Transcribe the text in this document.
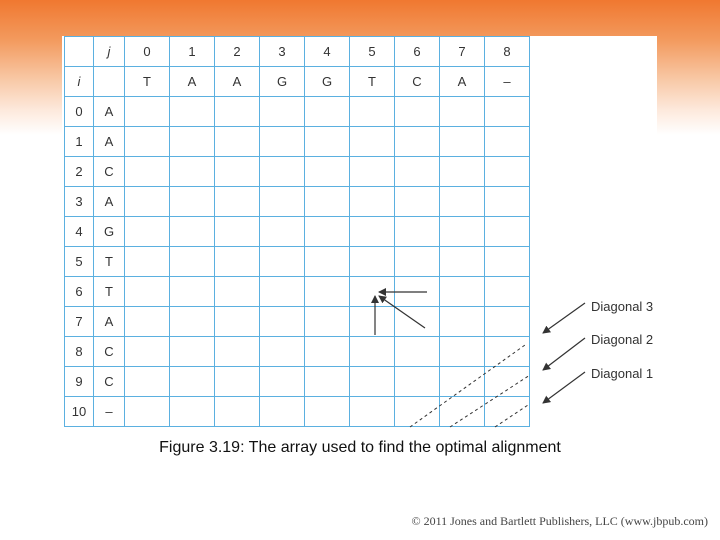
	j	0	1	2	3	4	5	6	7	8
i		T	A	A	G	G	T	C	A	–
0	A									
1	A									
2	C									
3	A									
4	G									
5	T									
6	T									
7	A									
8	C									
9	C									
10	–									
Diagonal 3
Diagonal 2
Diagonal 1
Figure 3.19: The array used to find the optimal alignment
© 2011 Jones and Bartlett Publishers, LLC (www.jbpub.com)
